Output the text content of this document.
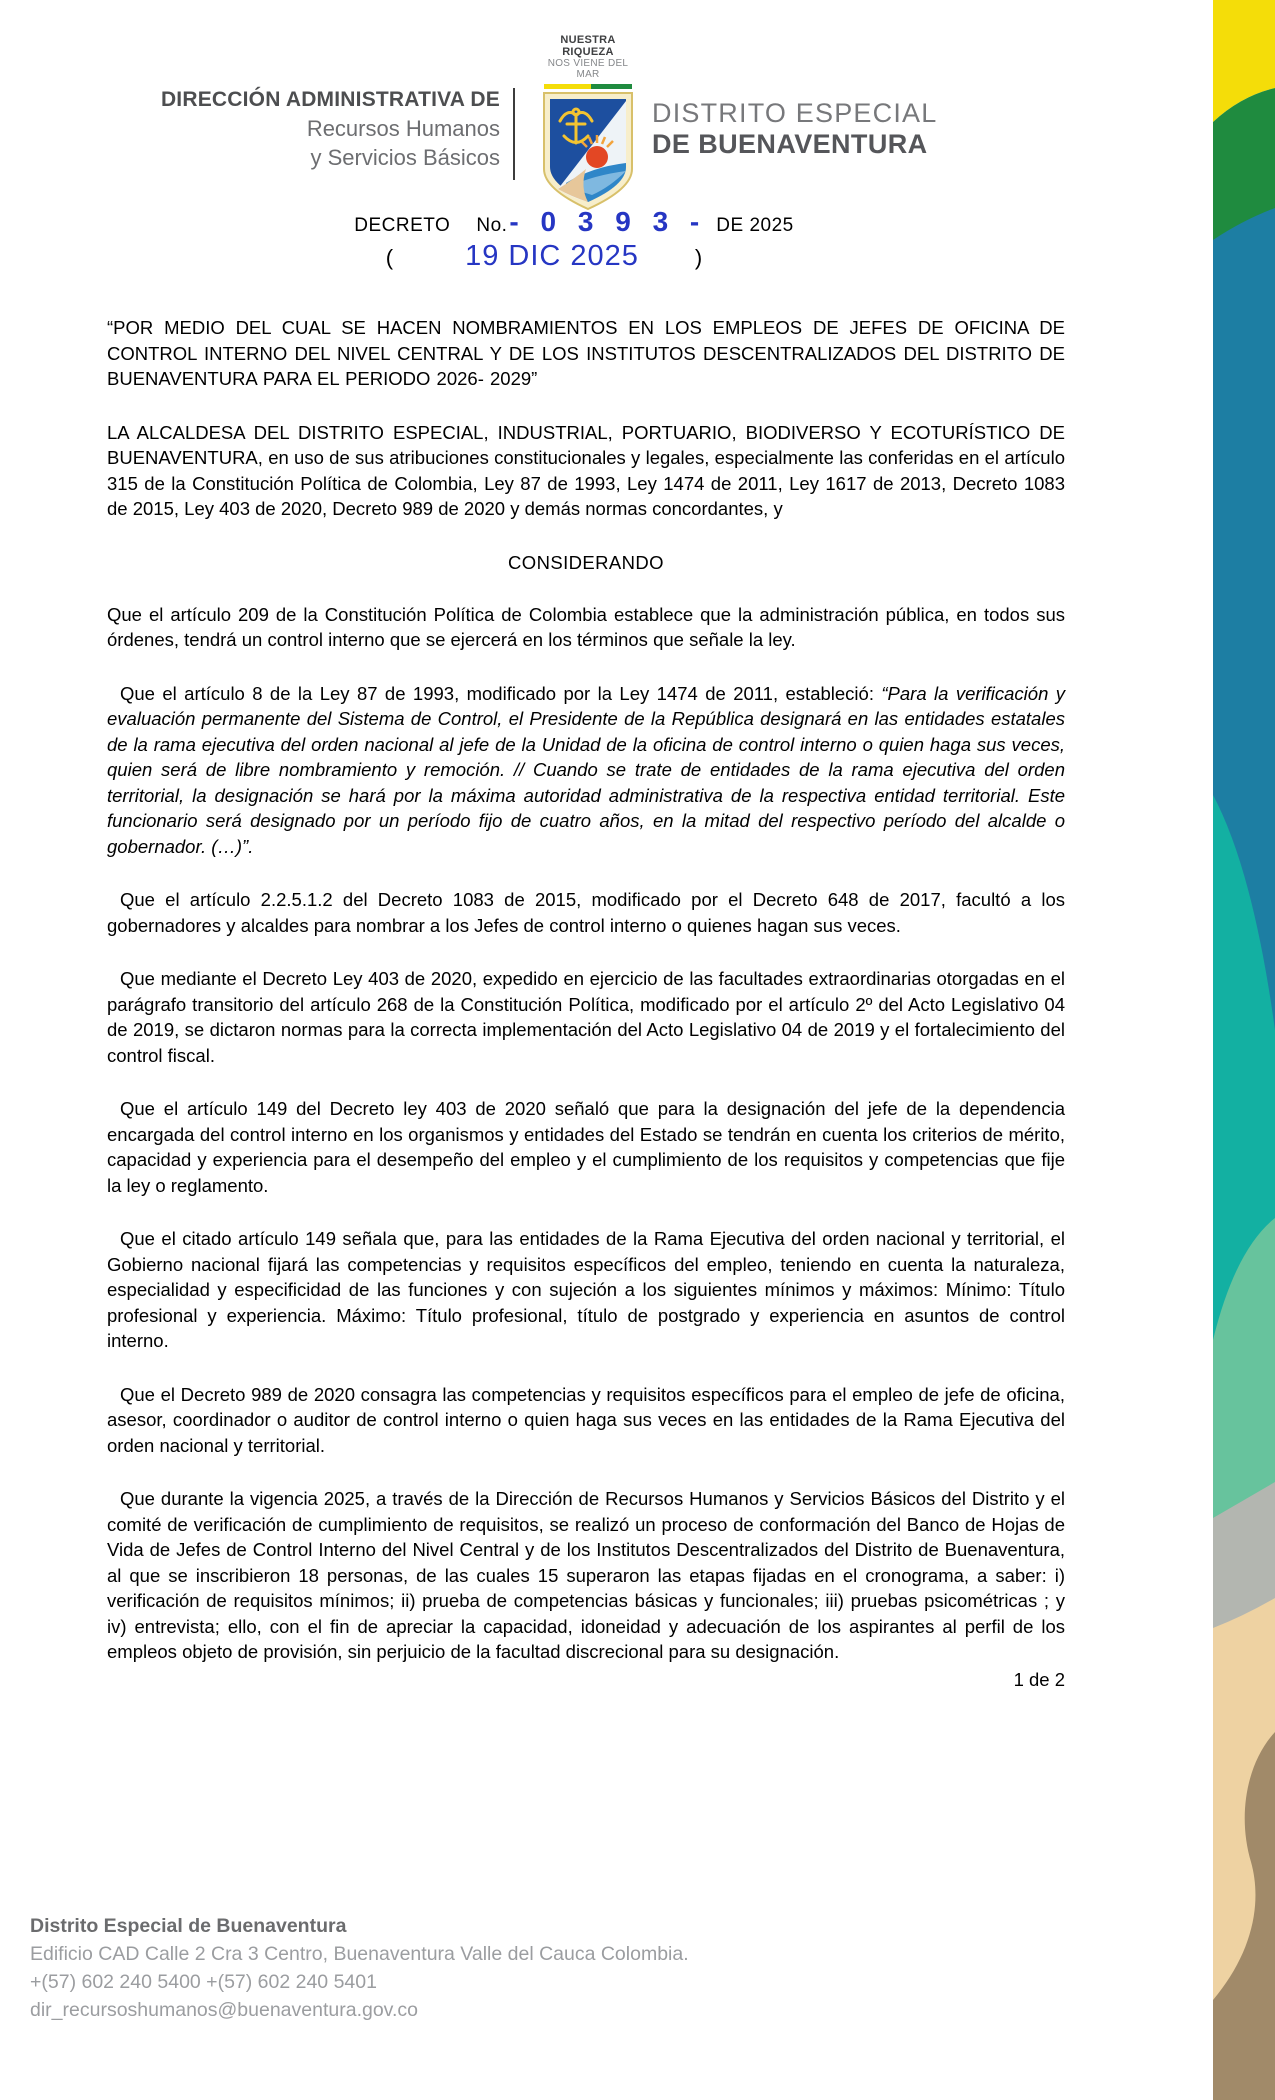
DIRECCIÓN ADMINISTRATIVA DE
Recursos Humanos
y Servicios Básicos
NUESTRA RIQUEZA
NOS VIENE DEL MAR
DISTRITO ESPECIAL
DE BUENAVENTURA
DECRETO No. - 0 3 9 3 - DE 2025
( 19 DIC 2025	)

“POR MEDIO DEL CUAL SE HACEN NOMBRAMIENTOS EN LOS EMPLEOS DE JEFES DE OFICINA DE CONTROL INTERNO DEL NIVEL CENTRAL Y DE LOS INSTITUTOS DESCENTRALIZADOS DEL DISTRITO DE BUENAVENTURA PARA EL PERIODO 2026- 2029”

LA ALCALDESA DEL DISTRITO ESPECIAL, INDUSTRIAL, PORTUARIO, BIODIVERSO Y ECOTURÍSTICO DE BUENAVENTURA, en uso de sus atribuciones constitucionales y legales, especialmente las conferidas en el artículo 315 de la Constitución Política de Colombia, Ley 87 de 1993, Ley 1474 de 2011, Ley 1617 de 2013, Decreto 1083 de 2015, Ley 403 de 2020, Decreto 989 de 2020 y demás normas concordantes, y

CONSIDERANDO

Que el artículo 209 de la Constitución Política de Colombia establece que la administración pública, en todos sus órdenes, tendrá un control interno que se ejercerá en los términos que señale la ley.

Que el artículo 8 de la Ley 87 de 1993, modificado por la Ley 1474 de 2011, estableció: “Para la verificación y evaluación permanente del Sistema de Control, el Presidente de la República designará en las entidades estatales de la rama ejecutiva del orden nacional al jefe de la Unidad de la oficina de control interno o quien haga sus veces, quien será de libre nombramiento y remoción. // Cuando se trate de entidades de la rama ejecutiva del orden territorial, la designación se hará por la máxima autoridad administrativa de la respectiva entidad territorial. Este funcionario será designado por un período fijo de cuatro años, en la mitad del respectivo período del alcalde o gobernador. (…)”.

Que el artículo 2.2.5.1.2 del Decreto 1083 de 2015, modificado por el Decreto 648 de 2017, facultó a los gobernadores y alcaldes para nombrar a los Jefes de control interno o quienes hagan sus veces.

Que mediante el Decreto Ley 403 de 2020, expedido en ejercicio de las facultades extraordinarias otorgadas en el parágrafo transitorio del artículo 268 de la Constitución Política, modificado por el artículo 2º del Acto Legislativo 04 de 2019, se dictaron normas para la correcta implementación del Acto Legislativo 04 de 2019 y el fortalecimiento del control fiscal.

Que el artículo 149 del Decreto ley 403 de 2020 señaló que para la designación del jefe de la dependencia encargada del control interno en los organismos y entidades del Estado se tendrán en cuenta los criterios de mérito, capacidad y experiencia para el desempeño del empleo y el cumplimiento de los requisitos y competencias que fije la ley o reglamento.

Que el citado artículo 149 señala que, para las entidades de la Rama Ejecutiva del orden nacional y territorial, el Gobierno nacional fijará las competencias y requisitos específicos del empleo, teniendo en cuenta la naturaleza, especialidad y especificidad de las funciones y con sujeción a los siguientes mínimos y máximos: Mínimo: Título profesional y experiencia. Máximo: Título profesional, título de postgrado y experiencia en asuntos de control interno.

Que el Decreto 989 de 2020 consagra las competencias y requisitos específicos para el empleo de jefe de oficina, asesor, coordinador o auditor de control interno o quien haga sus veces en las entidades de la Rama Ejecutiva del orden nacional y territorial.

Que durante la vigencia 2025, a través de la Dirección de Recursos Humanos y Servicios Básicos del Distrito y el comité de verificación de cumplimiento de requisitos, se realizó un proceso de conformación del Banco de Hojas de Vida de Jefes de Control Interno del Nivel Central y de los Institutos Descentralizados del Distrito de Buenaventura, al que se inscribieron 18 personas, de las cuales 15 superaron las etapas fijadas en el cronograma, a saber: i) verificación de requisitos mínimos; ii) prueba de competencias básicas y funcionales; iii) pruebas psicométricas ; y iv) entrevista; ello, con el fin de apreciar la capacidad, idoneidad y adecuación de los aspirantes al perfil de los empleos objeto de provisión, sin perjuicio de la facultad discrecional para su designación.

1 de 2
Distrito Especial de Buenaventura
Edificio CAD Calle 2 Cra 3 Centro, Buenaventura Valle del Cauca Colombia.
+(57) 602 240 5400 +(57) 602 240 5401
dir_recursoshumanos@buenaventura.gov.co
